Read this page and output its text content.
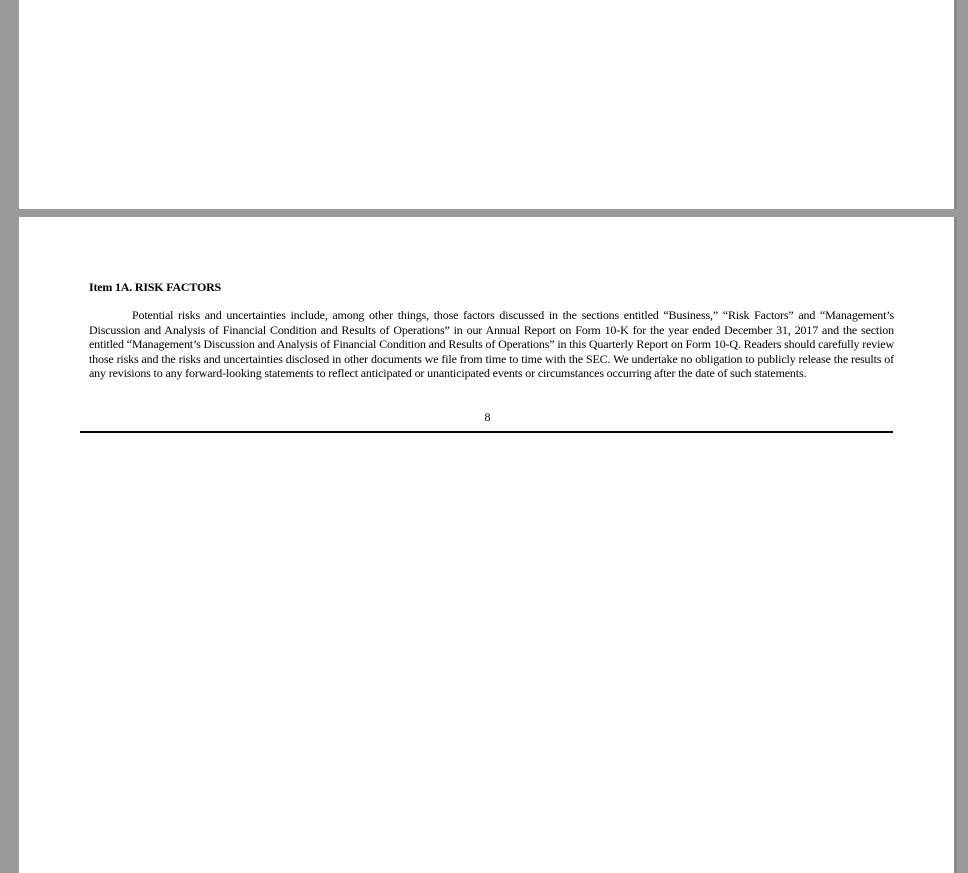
Item 1A. RISK FACTORS

Potential risks and uncertainties include, among other things, those factors discussed in the sections entitled “Business,” “Risk Factors” and “Management’s Discussion and Analysis of Financial Condition and Results of Operations” in our Annual Report on Form 10-K for the year ended December 31, 2017 and the section entitled “Management’s Discussion and Analysis of Financial Condition and Results of Operations” in this Quarterly Report on Form 10-Q. Readers should carefully review those risks and the risks and uncertainties disclosed in other documents we file from time to time with the SEC. We undertake no obligation to publicly release the results of any revisions to any forward-looking statements to reflect anticipated or unanticipated events or circumstances occurring after the date of such statements.

8
